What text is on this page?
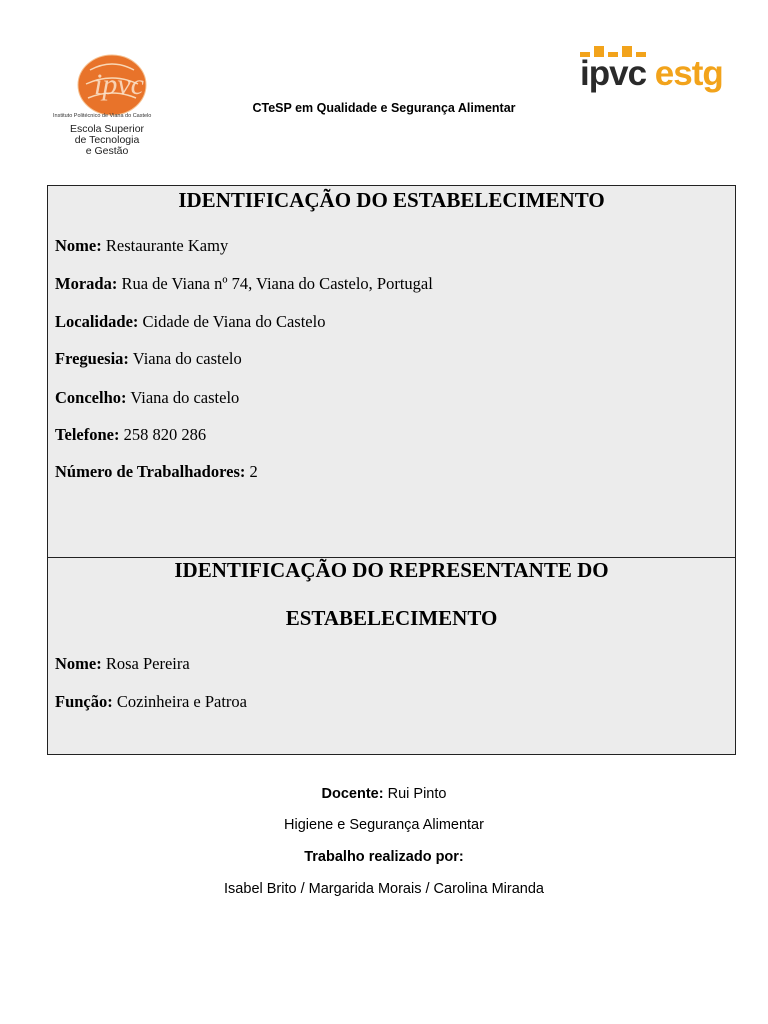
ipvc
Instituto Politécnico de Viana do Castelo
Escola Superior
de Tecnologia
e Gestão
ipvc estg
CTeSP em Qualidade e Segurança Alimentar
IDENTIFICAÇÃO DO ESTABELECIMENTO
Nome: Restaurante Kamy
Morada: Rua de Viana nº 74, Viana do Castelo, Portugal
Localidade: Cidade de Viana do Castelo
Freguesia: Viana do castelo
Concelho: Viana do castelo
Telefone: 258 820 286
Número de Trabalhadores: 2
IDENTIFICAÇÃO DO REPRESENTANTE DO
ESTABELECIMENTO
Nome: Rosa Pereira
Função: Cozinheira e Patroa
Docente: Rui Pinto
Higiene e Segurança Alimentar
Trabalho realizado por:
Isabel Brito / Margarida Morais / Carolina Miranda
